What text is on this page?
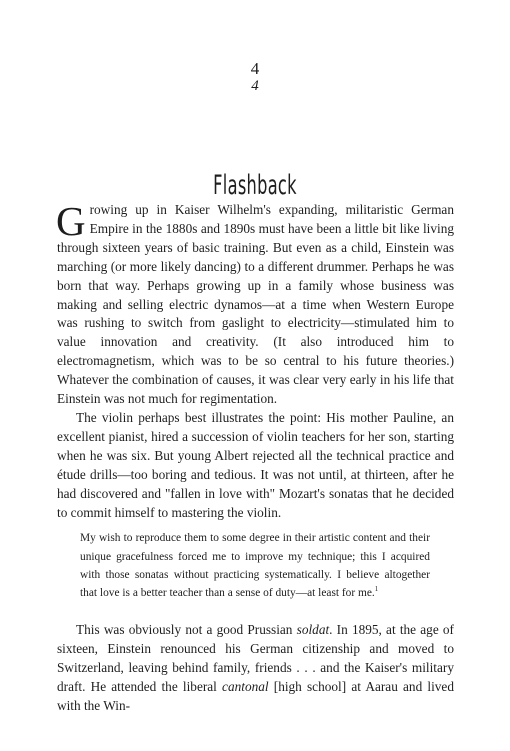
4
4
Flashback

Growing up in Kaiser Wilhelm's expanding, militaristic German Empire in the 1880s and 1890s must have been a little bit like living through sixteen years of basic training. But even as a child, Einstein was marching (or more likely dancing) to a different drummer. Perhaps he was born that way. Perhaps growing up in a family whose business was making and selling electric dynamos—at a time when Western Europe was rushing to switch from gaslight to electricity—stimulated him to value innovation and creativity. (It also introduced him to electromagnetism, which was to be so central to his future theories.) Whatever the combination of causes, it was clear very early in his life that Einstein was not much for regimentation.

The violin perhaps best illustrates the point: His mother Pauline, an excellent pianist, hired a succession of violin teachers for her son, starting when he was six. But young Albert rejected all the technical practice and étude drills—too boring and tedious. It was not until, at thirteen, after he had discovered and "fallen in love with" Mozart's sonatas that he decided to commit himself to mastering the violin.

My wish to reproduce them to some degree in their artistic content and their unique gracefulness forced me to improve my technique; this I acquired with those sonatas without practicing systematically. I believe altogether that love is a better teacher than a sense of duty—at least for me.$^1$

This was obviously not a good Prussian soldat. In 1895, at the age of sixteen, Einstein renounced his German citizenship and moved to Switzerland, leaving behind family, friends . . . and the Kaiser's military draft. He attended the liberal cantonal [high school] at Aarau and lived with the Win-
